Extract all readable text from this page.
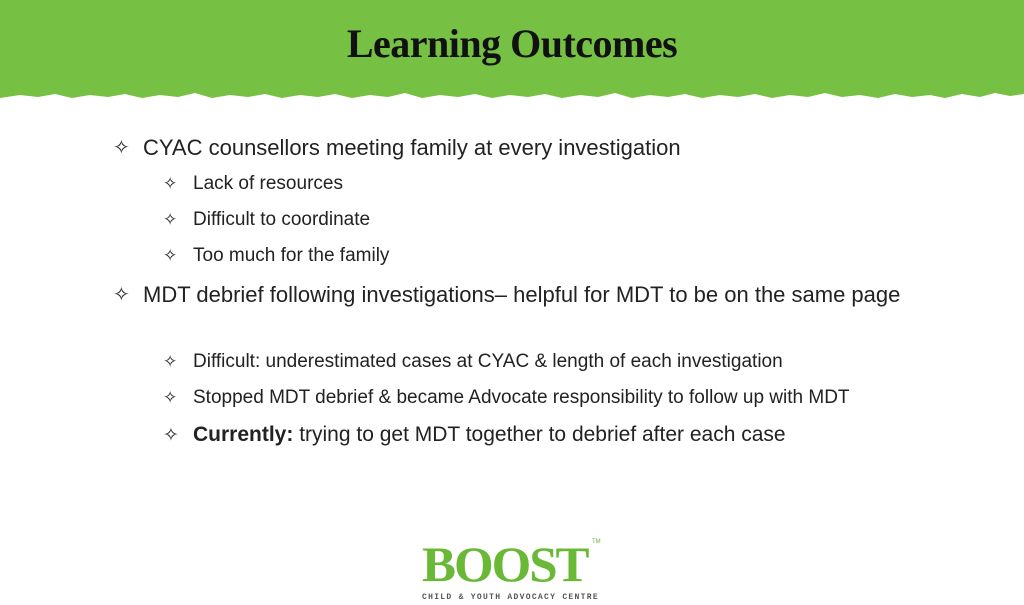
Learning Outcomes
✧ CYAC counsellors meeting family at every investigation
✧ Lack of resources
✧ Difficult to coordinate
✧ Too much for the family
✧ MDT debrief following investigations– helpful for MDT to be on the same page
✧ Difficult: underestimated cases at CYAC & length of each investigation
✧ Stopped MDT debrief & became Advocate responsibility to follow up with MDT
✧ Currently: trying to get MDT together to debrief after each case
BOOST TM
CHILD & YOUTH ADVOCACY CENTRE
